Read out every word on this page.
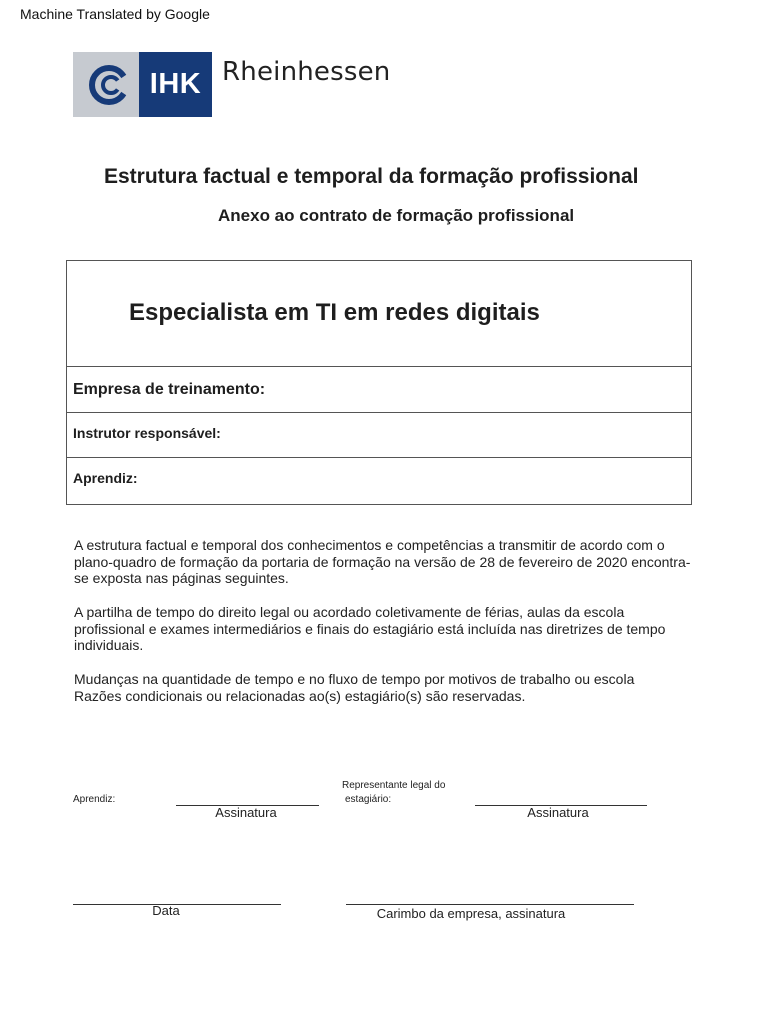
Machine Translated by Google
IHK Rheinhessen
Estrutura factual e temporal da formação profissional
Anexo ao contrato de formação profissional
Especialista em TI em redes digitais
Empresa de treinamento:
Instrutor responsável:
Aprendiz:
A estrutura factual e temporal dos conhecimentos e competências a transmitir de acordo com o
plano-quadro de formação da portaria de formação na versão de 28 de fevereiro de 2020 encontra-
se exposta nas páginas seguintes.
A partilha de tempo do direito legal ou acordado coletivamente de férias, aulas da escola
profissional e exames intermediários e finais do estagiário está incluída nas diretrizes de tempo
individuais.
Mudanças na quantidade de tempo e no fluxo de tempo por motivos de trabalho ou escola
Razões condicionais ou relacionadas ao(s) estagiário(s) são reservadas.
Aprendiz:
Assinatura
Representante legal do
estagiário:
Assinatura
Data	Carimbo da empresa, assinatura
